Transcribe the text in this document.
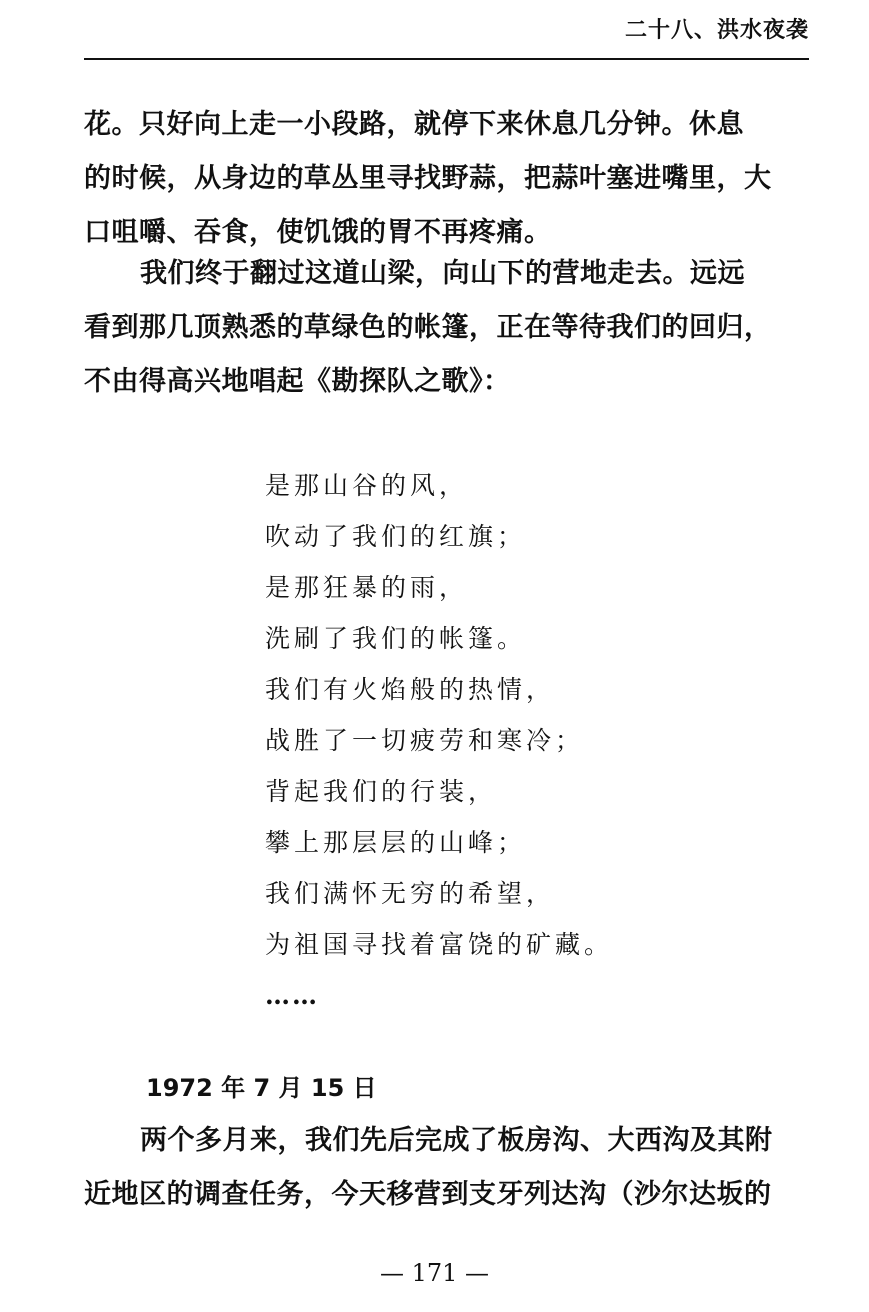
二十八、洪水夜袭
花。只好向上走一小段路，就停下来休息几分钟。休息
的时候，从身边的草丛里寻找野蒜，把蒜叶塞进嘴里，大
口咀嚼、吞食，使饥饿的胃不再疼痛。
我们终于翻过这道山梁，向山下的营地走去。远远
看到那几顶熟悉的草绿色的帐篷，正在等待我们的回归，
不由得高兴地唱起《勘探队之歌》：
是那山谷的风，
吹动了我们的红旗；
是那狂暴的雨，
洗刷了我们的帐篷。
我们有火焰般的热情，
战胜了一切疲劳和寒冷；
背起我们的行装，
攀上那层层的山峰；
我们满怀无穷的希望，
为祖国寻找着富饶的矿藏。
……
1972 年 7 月 15 日
两个多月来，我们先后完成了板房沟、大西沟及其附
近地区的调查任务，今天移营到支牙列达沟（沙尔达坂的
— 171 —
